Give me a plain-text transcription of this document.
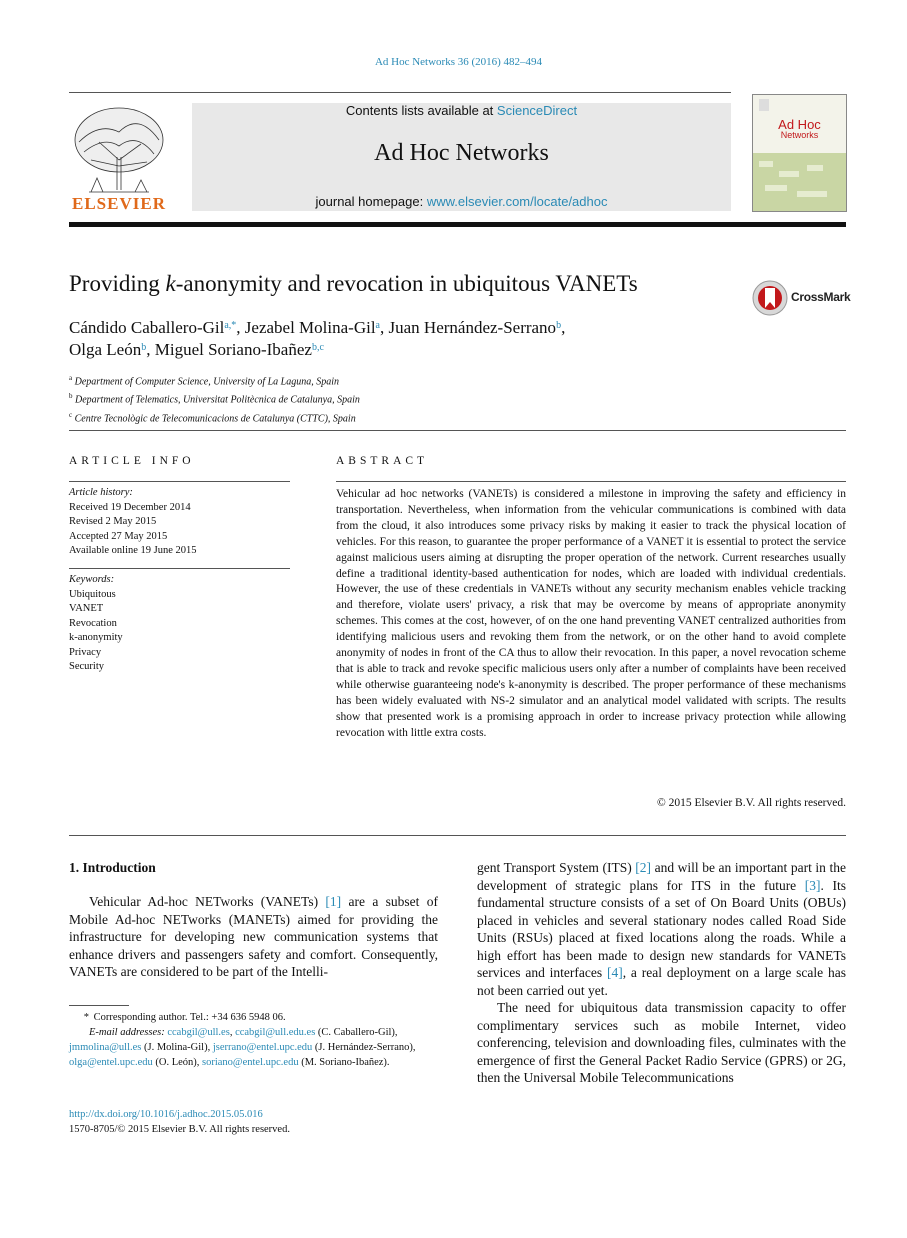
Ad Hoc Networks 36 (2016) 482–494
ELSEVIER
Contents lists available at ScienceDirect
Ad Hoc Networks
journal homepage: www.elsevier.com/locate/adhoc
Ad Hoc
Networks
Providing k-anonymity and revocation in ubiquitous VANETs
CrossMark
Cándido Caballero-Gil$^{a,*}$, Jezabel Molina-Gil$^a$, Juan Hernández-Serrano$^b$,
Olga León$^b$, Miguel Soriano-Ibañez$^{b,c}$
$^a$ Department of Computer Science, University of La Laguna, Spain
$^b$ Department of Telematics, Universitat Politècnica de Catalunya, Spain
$^c$ Centre Tecnològic de Telecomunicacions de Catalunya (CTTC), Spain
ARTICLE INFO
Article history:
Received 19 December 2014
Revised 2 May 2015
Accepted 27 May 2015
Available online 19 June 2015
Keywords:
Ubiquitous
VANET
Revocation
k-anonymity
Privacy
Security
ABSTRACT
Vehicular ad hoc networks (VANETs) is considered a milestone in improving the safety and efficiency in transportation. Nevertheless, when information from the vehicular communications is combined with data from the cloud, it also introduces some privacy risks by making it easier to track the physical location of vehicles. For this reason, to guarantee the proper performance of a VANET it is essential to protect the service against malicious users aiming at disrupting the proper operation of the network. Current researches usually define a traditional identity-based authentication for nodes, which are loaded with individual credentials. However, the use of these credentials in VANETs without any security mechanism enables vehicle tracking and therefore, violate users' privacy, a risk that may be overcome by means of appropriate anonymity schemes. This comes at the cost, however, of on the one hand preventing VANET centralized authorities from identifying malicious users and revoking them from the network, or on the other hand to avoid complete anonymity of nodes in front of the CA thus to allow their revocation. In this paper, a novel revocation scheme that is able to track and revoke specific malicious users only after a number of complaints have been received while otherwise guaranteeing node's k-anonymity is described. The proper performance of these mechanisms has been widely evaluated with NS-2 simulator and an analytical model validated with scripts. The results show that presented work is a promising approach in order to increase privacy protection while allowing revocation with little extra costs.
© 2015 Elsevier B.V. All rights reserved.
1. Introduction
Vehicular Ad-hoc NETworks (VANETs) [1] are a subset of Mobile Ad-hoc NETworks (MANETs) aimed for providing the infrastructure for developing new communication systems that enhance drivers and passengers safety and comfort. Consequently, VANETs are considered to be part of the Intelli-
gent Transport System (ITS) [2] and will be an important part in the development of strategic plans for ITS in the future [3]. Its fundamental structure consists of a set of On Board Units (OBUs) placed in vehicles and several stationary nodes called Road Side Units (RSUs) placed at fixed locations along the roads. While a high effort has been made to design new standards for VANETs services and interfaces [4], a real deployment on a large scale has not been carried out yet.
The need for ubiquitous data transmission capacity to offer complimentary services such as mobile Internet, video conferencing, television and downloading files, culminates with the emergence of first the General Packet Radio Service (GPRS) or 2G, then the Universal Mobile Telecommunications
* Corresponding author. Tel.: +34 636 5948 06.
E-mail addresses: ccabgil@ull.es, ccabgil@ull.edu.es (C. Caballero-Gil), jmmolina@ull.es (J. Molina-Gil), jserrano@entel.upc.edu (J. Hernández-Serrano), olga@entel.upc.edu (O. León), soriano@entel.upc.edu (M. Soriano-Ibañez).
http://dx.doi.org/10.1016/j.adhoc.2015.05.016
1570-8705/© 2015 Elsevier B.V. All rights reserved.
